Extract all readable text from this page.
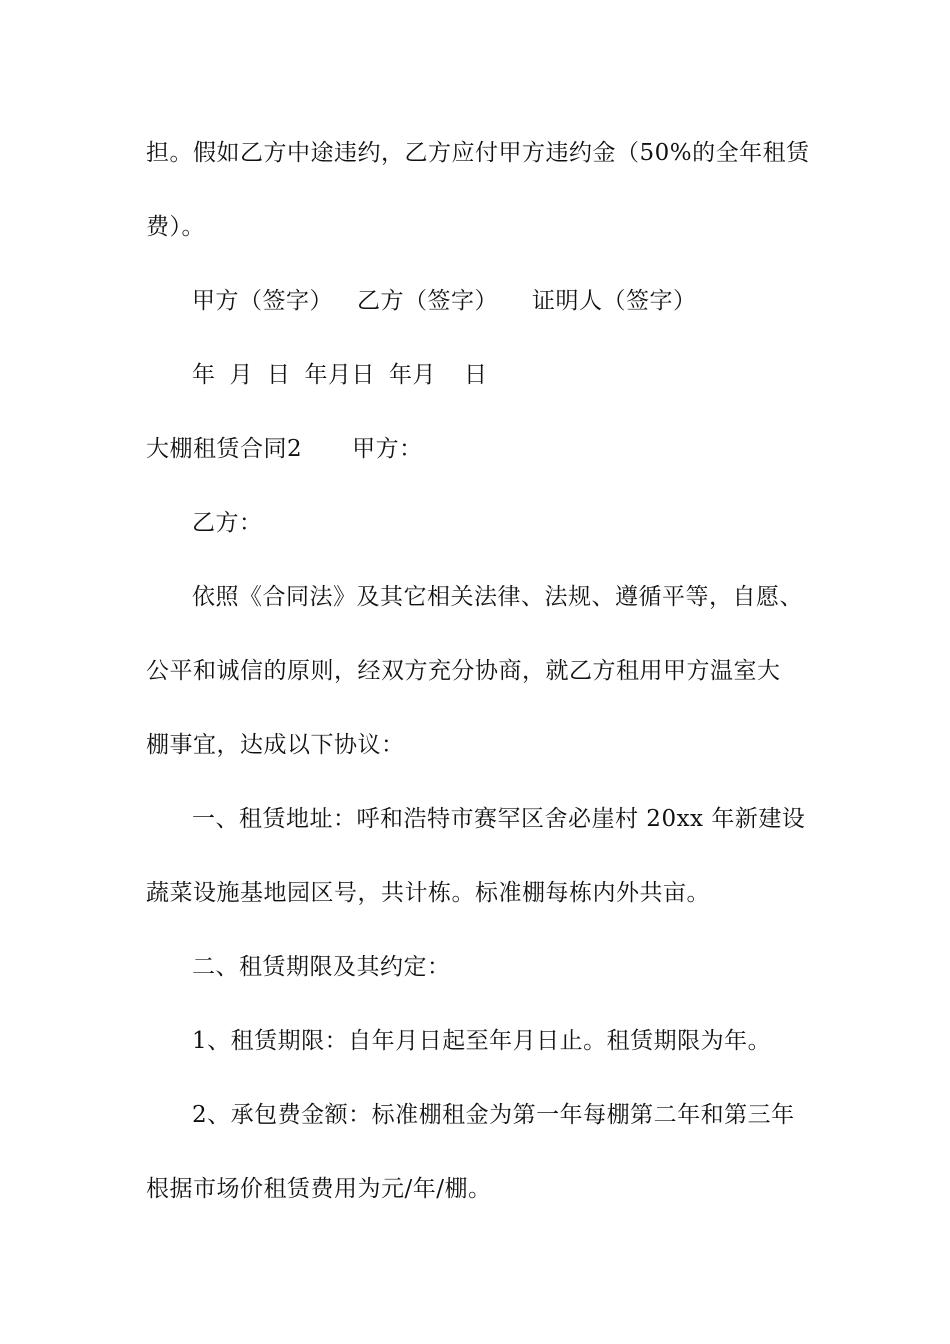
担。假如乙方中途违约，乙方应付甲方违约金（50%的全年租赁
费）。
甲方（签字） 乙方（签字） 证明人（签字）
年 月 日 年月日 年月 日
大棚租赁合同2 甲方：
乙方：
依照《合同法》及其它相关法律、法规、遵循平等，自愿、
公平和诚信的原则，经双方充分协商，就乙方租用甲方温室大
棚事宜，达成以下协议：
一、租赁地址：呼和浩特市赛罕区舍必崖村 20xx 年新建设
蔬菜设施基地园区号，共计栋。标准棚每栋内外共亩。
二、租赁期限及其约定：
1、租赁期限：自年月日起至年月日止。租赁期限为年。
2、承包费金额：标准棚租金为第一年每棚第二年和第三年
根据市场价租赁费用为元/年/棚。
